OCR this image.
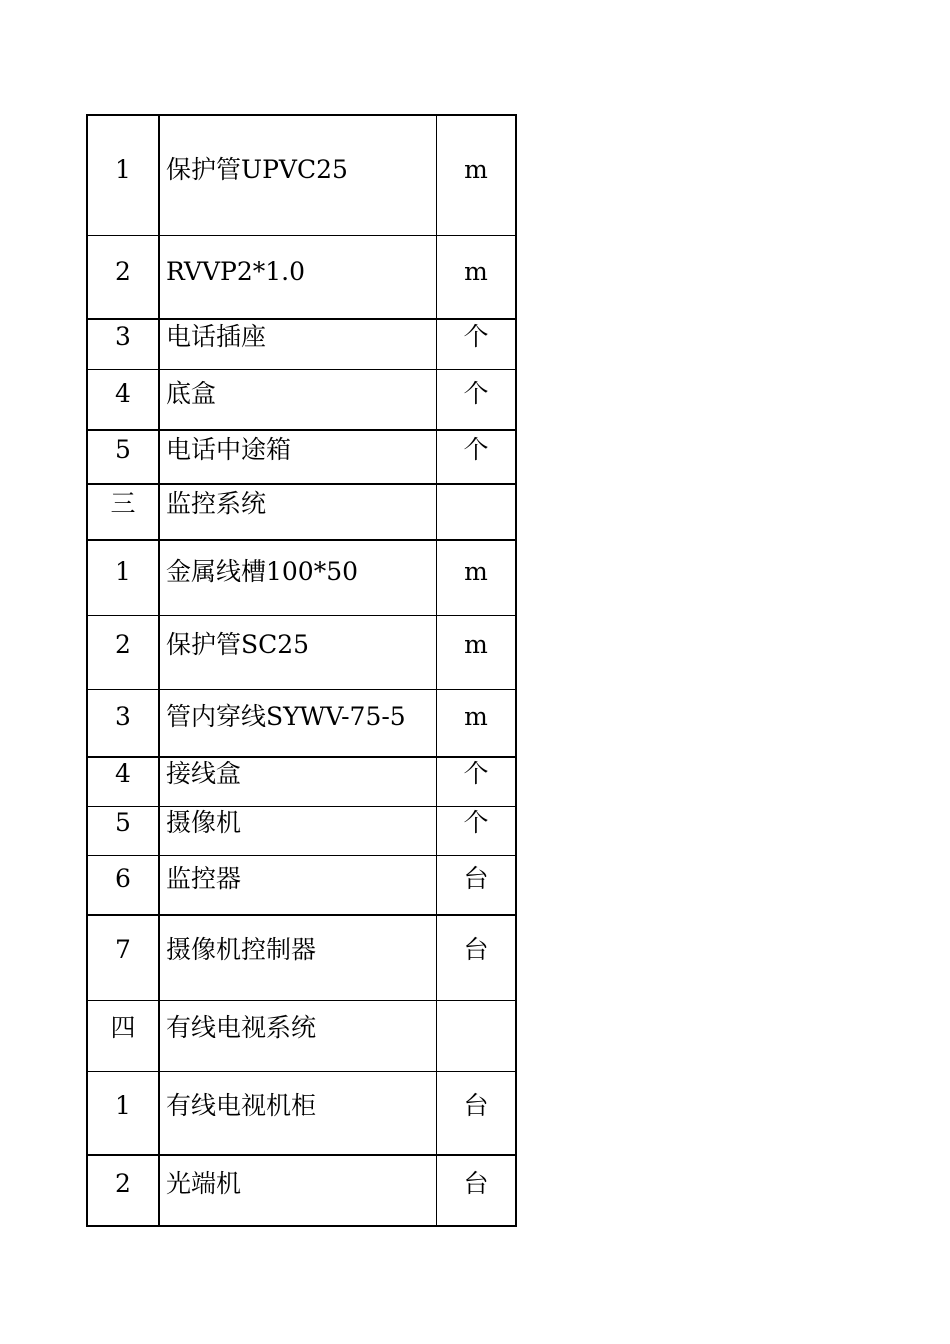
1	保护管UPVC25	m

2	RVVP2*1.0	m

3	电话插座	个

4	底盒	个

5	电话中途箱	个

三	监控系统	

1	金属线槽100*50	m

2	保护管SC25	m

3	管内穿线SYWV-75-5	m

4	接线盒	个

5	摄像机	个

6	监控器	台

7	摄像机控制器	台

四	有线电视系统	

1	有线电视机柜	台

2	光端机	台
